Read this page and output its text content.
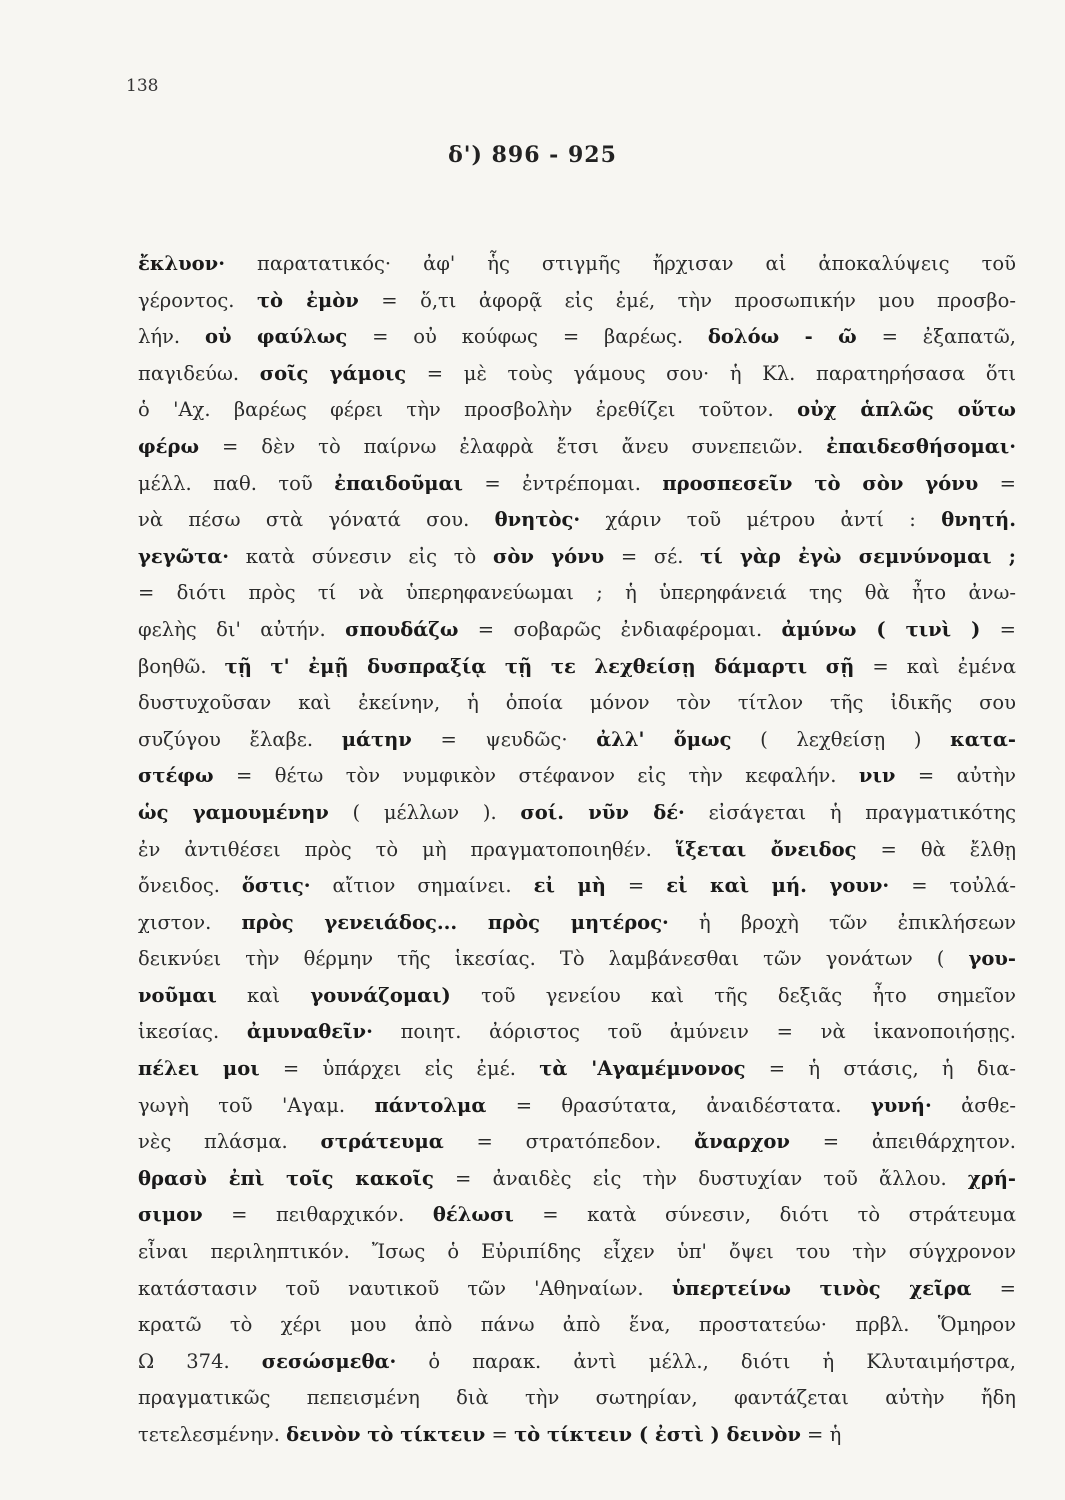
138
δ') 896 - 925
ἔκλυον· παρατατικός· ἀφ' ἧς στιγμῆς ἤρχισαν αἱ ἀποκαλύψεις τοῦ
γέροντος. τὸ ἐμὸν = ὅ,τι ἀφορᾷ εἰς ἐμέ, τὴν προσωπικήν μου προσβο-
λήν. οὐ φαύλως = οὐ κούφως = βαρέως. δολόω - ῶ = ἐξαπατῶ,
παγιδεύω. σοῖς γάμοις = μὲ τοὺς γάμους σου· ἡ Κλ. παρατηρήσασα ὅτι
ὁ 'Αχ. βαρέως φέρει τὴν προσβολὴν ἐρεθίζει τοῦτον. οὐχ ἁπλῶς οὕτω
φέρω = δὲν τὸ παίρνω ἐλαφρὰ ἔτσι ἄνευ συνεπειῶν. ἐπαιδεσθήσομαι·
μέλλ. παθ. τοῦ ἐπαιδοῦμαι = ἐντρέπομαι. προσπεσεῖν τὸ σὸν γόνυ =
νὰ πέσω στὰ γόνατά σου. θνητὸς· χάριν τοῦ μέτρου ἀντί : θνητή.
γεγῶτα· κατὰ σύνεσιν εἰς τὸ σὸν γόνυ = σέ. τί γὰρ ἐγὼ σεμνύνομαι ;
= διότι πρὸς τί νὰ ὑπερηφανεύωμαι ; ἡ ὑπερηφάνειά της θὰ ἦτο ἀνω-
φελὴς δι' αὐτήν. σπουδάζω = σοβαρῶς ἐνδιαφέρομαι. ἀμύνω ( τινὶ ) =
βοηθῶ. τῇ τ' ἐμῇ δυσπραξίᾳ τῇ τε λεχθείσῃ δάμαρτι σῇ = καὶ ἐμένα
δυστυχοῦσαν καὶ ἐκείνην, ἡ ὁποία μόνον τὸν τίτλον τῆς ἰδικῆς σου
συζύγου ἔλαβε. μάτην = ψευδῶς· ἀλλ' ὅμως ( λεχθείσῃ ) κατα-
στέφω = θέτω τὸν νυμφικὸν στέφανον εἰς τὴν κεφαλήν. νιν = αὐτὴν
ὡς γαμουμένην ( μέλλων ). σοί. νῦν δέ· εἰσάγεται ἡ πραγματικότης
ἐν ἀντιθέσει πρὸς τὸ μὴ πραγματοποιηθέν. ἵξεται ὄνειδος = θὰ ἔλθῃ
ὄνειδος. ὅστις· αἴτιον σημαίνει. εἰ μὴ = εἰ καὶ μή. γουν· = τοὐλά-
χιστον. πρὸς γενειάδος... πρὸς μητέρος· ἡ βροχὴ τῶν ἐπικλήσεων
δεικνύει τὴν θέρμην τῆς ἱκεσίας. Τὸ λαμβάνεσθαι τῶν γονάτων ( γου-
νοῦμαι καὶ γουνάζομαι) τοῦ γενείου καὶ τῆς δεξιᾶς ἦτο σημεῖον
ἱκεσίας. ἀμυναθεῖν· ποιητ. ἀόριστος τοῦ ἀμύνειν = νὰ ἱκανοποιήσῃς.
πέλει μοι = ὑπάρχει εἰς ἐμέ. τὰ 'Αγαμέμνονος = ἡ στάσις, ἡ δια-
γωγὴ τοῦ 'Αγαμ. πάντολμα = θρασύτατα, ἀναιδέστατα. γυνή· ἀσθε-
νὲς πλάσμα. στράτευμα = στρατόπεδον. ἄναρχον = ἀπειθάρχητον.
θρασὺ ἐπὶ τοῖς κακοῖς = ἀναιδὲς εἰς τὴν δυστυχίαν τοῦ ἄλλου. χρή-
σιμον = πειθαρχικόν. θέλωσι = κατὰ σύνεσιν, διότι τὸ στράτευμα
εἶναι περιληπτικόν. Ἴσως ὁ Εὐριπίδης εἶχεν ὑπ' ὄψει του τὴν σύγχρονον
κατάστασιν τοῦ ναυτικοῦ τῶν 'Αθηναίων. ὑπερτείνω τινὸς χεῖρα =
κρατῶ τὸ χέρι μου ἀπὸ πάνω ἀπὸ ἕνα, προστατεύω· πρβλ. Ὅμηρον
Ω 374. σεσώσμεθα· ὁ παρακ. ἀντὶ μέλλ., διότι ἡ Κλυταιμήστρα,
πραγματικῶς πεπεισμένη διὰ τὴν σωτηρίαν, φαντάζεται αὐτὴν ἤδη
τετελεσμένην. δεινὸν τὸ τίκτειν = τὸ τίκτειν ( ἐστὶ ) δεινὸν = ἡ
